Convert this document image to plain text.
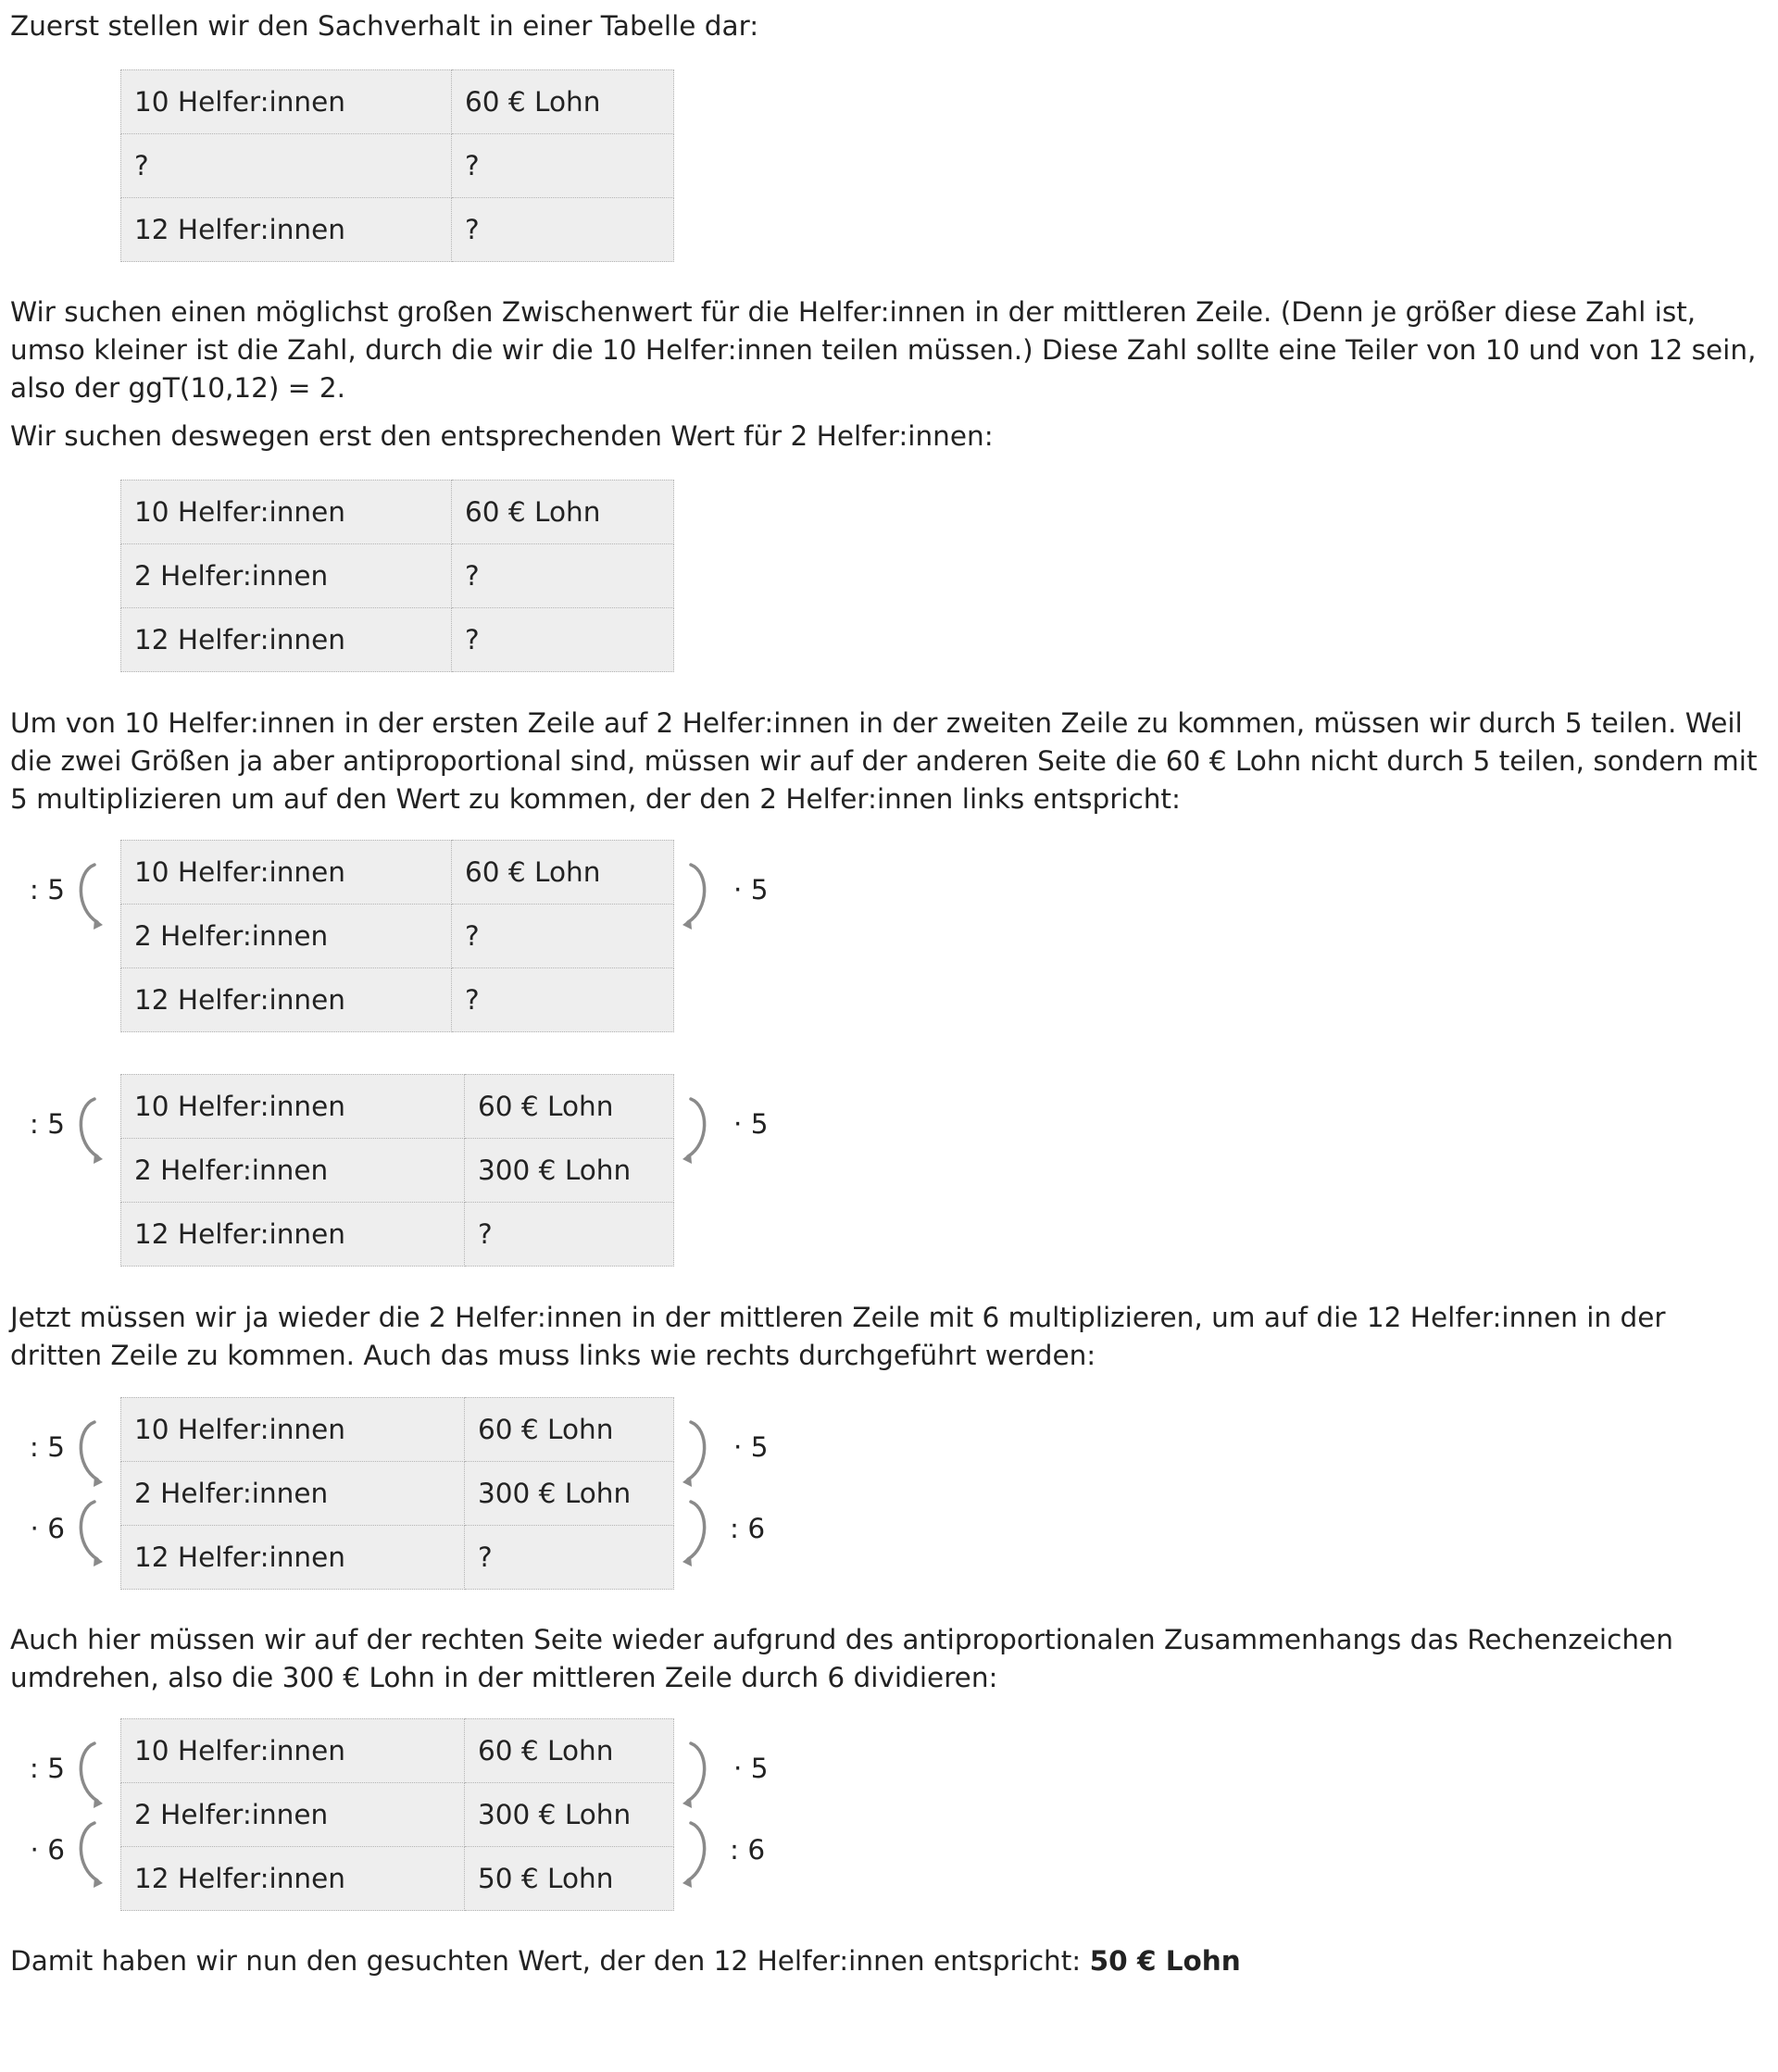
Zuerst stellen wir den Sachverhalt in einer Tabelle dar:

10 Helfer:innen	60 € Lohn
?	?
12 Helfer:innen	?

Wir suchen einen möglichst großen Zwischenwert für die Helfer:innen in der mittleren Zeile. (Denn je größer diese Zahl ist, umso kleiner ist die Zahl, durch die wir die 10 Helfer:innen teilen müssen.) Diese Zahl sollte eine Teiler von 10 und von 12 sein, also der ggT(10,12) = 2.

Wir suchen deswegen erst den entsprechenden Wert für 2 Helfer:innen:

10 Helfer:innen	60 € Lohn
2 Helfer:innen	?
12 Helfer:innen	?

Um von 10 Helfer:innen in der ersten Zeile auf 2 Helfer:innen in der zweiten Zeile zu kommen, müssen wir durch 5 teilen. Weil die zwei Größen ja aber antiproportional sind, müssen wir auf der anderen Seite die 60 € Lohn nicht durch 5 teilen, sondern mit 5 multiplizieren um auf den Wert zu kommen, der den 2 Helfer:innen links entspricht:

10 Helfer:innen	60 € Lohn
2 Helfer:innen	?
12 Helfer:innen	?
: 5	· 5
10 Helfer:innen	60 € Lohn
2 Helfer:innen	300 € Lohn
12 Helfer:innen	?
: 5	· 5

Jetzt müssen wir ja wieder die 2 Helfer:innen in der mittleren Zeile mit 6 multiplizieren, um auf die 12 Helfer:innen in der dritten Zeile zu kommen. Auch das muss links wie rechts durchgeführt werden:

10 Helfer:innen	60 € Lohn
2 Helfer:innen	300 € Lohn
12 Helfer:innen	?
: 5
· 6
· 5
: 6

Auch hier müssen wir auf der rechten Seite wieder aufgrund des antiproportionalen Zusammenhangs das Rechenzeichen umdrehen, also die 300 € Lohn in der mittleren Zeile durch 6 dividieren:

10 Helfer:innen	60 € Lohn
2 Helfer:innen	300 € Lohn
12 Helfer:innen	50 € Lohn
: 5
· 6
· 5
: 6

Damit haben wir nun den gesuchten Wert, der den 12 Helfer:innen entspricht: 50 € Lohn
